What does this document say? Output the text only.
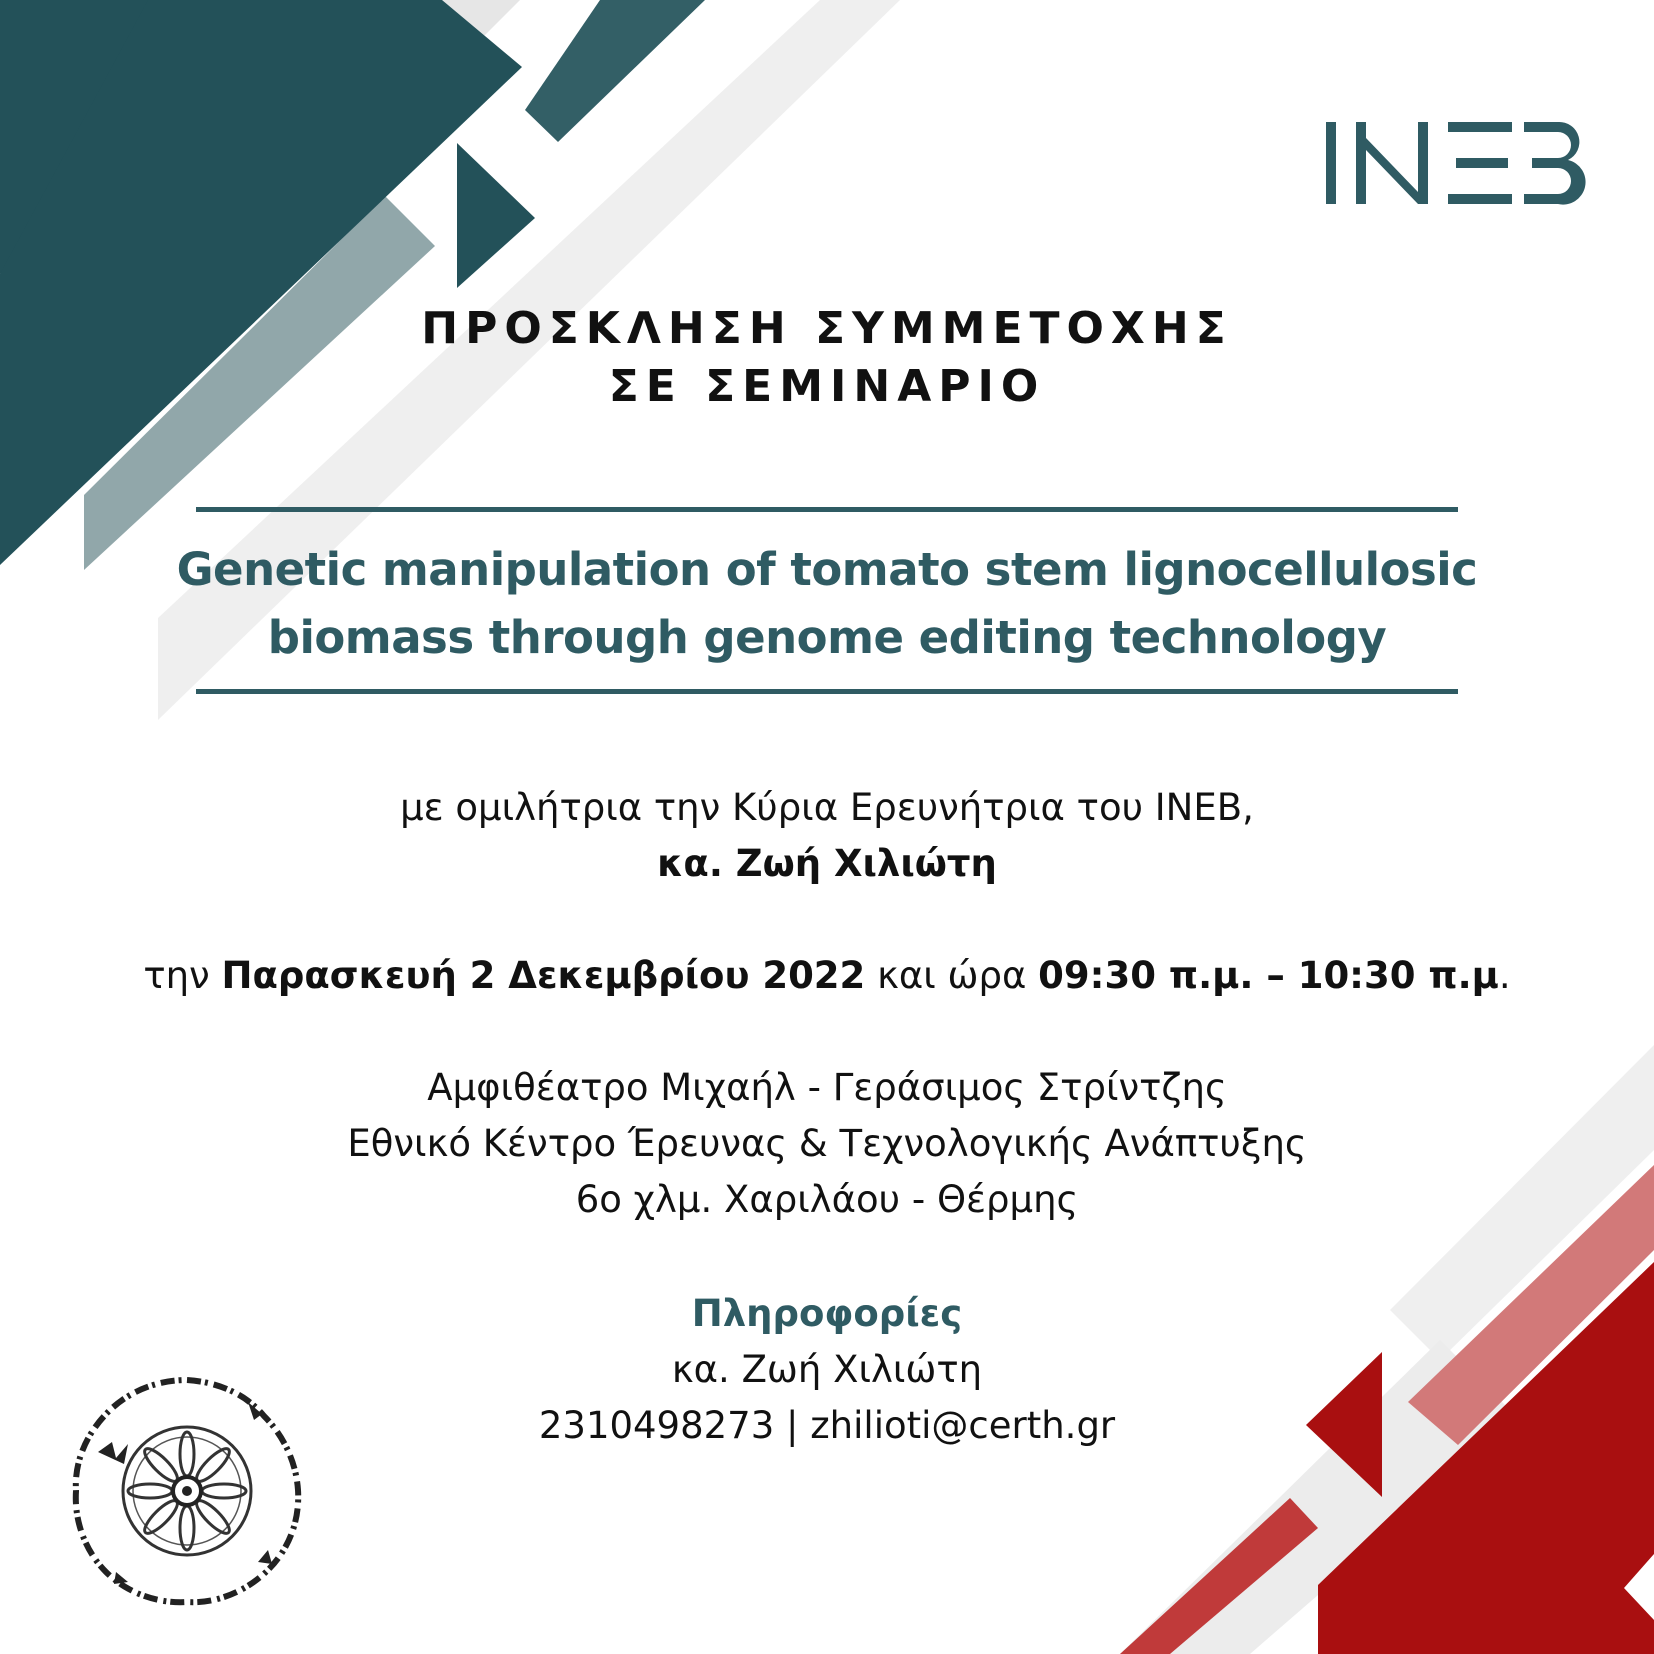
ΠΡΟΣΚΛΗΣΗ ΣΥΜΜΕΤΟΧΗΣ
ΣΕ ΣΕΜΙΝΑΡΙΟ
Genetic manipulation of tomato stem lignocellulosic
biomass through genome editing technology
με ομιλήτρια την Κύρια Ερευνήτρια του ΙΝΕΒ,
κα. Ζωή Χιλιώτη
την Παρασκευή 2 Δεκεμβρίου 2022 και ώρα 09:30 π.μ. – 10:30 π.μ.
Αμφιθέατρο Μιχαήλ - Γεράσιμος Στρίντζης
Εθνικό Κέντρο Έρευνας & Τεχνολογικής Ανάπτυξης
6ο χλμ. Χαριλάου - Θέρμης
Πληροφορίες
κα. Ζωή Χιλιώτη
2310498273 | zhilioti@certh.gr
